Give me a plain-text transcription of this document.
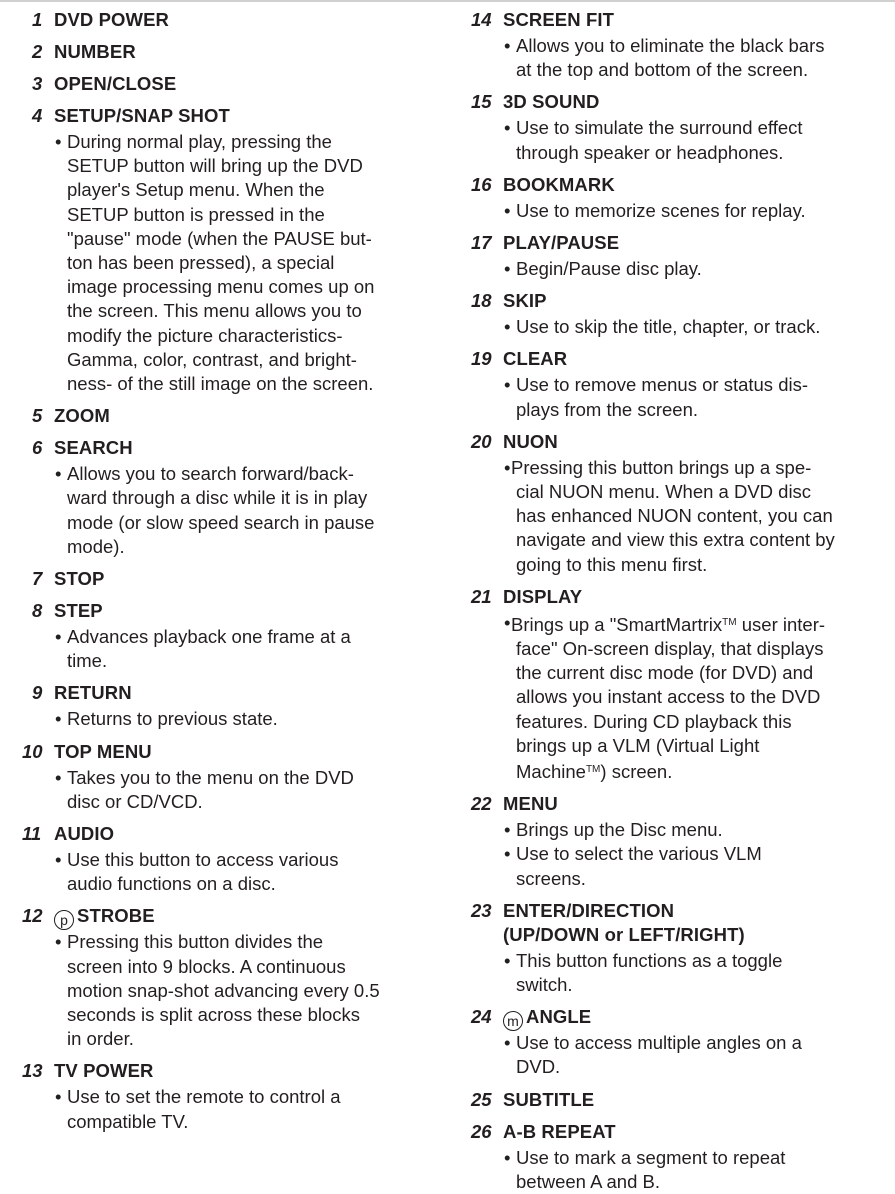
1 DVD POWER
2 NUMBER
3 OPEN/CLOSE
4 SETUP/SNAP SHOT
• During normal play, pressing the
SETUP button will bring up the DVD
player's Setup menu. When the
SETUP button is pressed in the
"pause" mode (when the PAUSE but-
ton has been pressed), a special
image processing menu comes up on
the screen. This menu allows you to
modify the picture characteristics-
Gamma, color, contrast, and bright-
ness- of the still image on the screen.
5 ZOOM
6 SEARCH
• Allows you to search forward/back-
ward through a disc while it is in play
mode (or slow speed search in pause
mode).
7 STOP
8 STEP
• Advances playback one frame at a
time.
9 RETURN
• Returns to previous state.
10 TOP MENU
• Takes you to the menu on the DVD
disc or CD/VCD.
11 AUDIO
• Use this button to access various
audio functions on a disc.
12 p STROBE
• Pressing this button divides the
screen into 9 blocks. A continuous
motion snap-shot advancing every 0.5
seconds is split across these blocks
in order.
13 TV POWER
• Use to set the remote to control a
compatible TV.
14 SCREEN FIT
• Allows you to eliminate the black bars
at the top and bottom of the screen.
15 3D SOUND
• Use to simulate the surround effect
through speaker or headphones.
16 BOOKMARK
• Use to memorize scenes for replay.
17 PLAY/PAUSE
• Begin/Pause disc play.
18 SKIP
• Use to skip the title, chapter, or track.
19 CLEAR
• Use to remove menus or status dis-
plays from the screen.
20 NUON
• Pressing this button brings up a spe-
cial NUON menu. When a DVD disc
has enhanced NUON content, you can
navigate and view this extra content by
going to this menu first.
21 DISPLAY
• Brings up a "SmartMartrix™ user inter-
face" On-screen display, that displays
the current disc mode (for DVD) and
allows you instant access to the DVD
features. During CD playback this
brings up a VLM (Virtual Light
Machine™) screen.
22 MENU
• Brings up the Disc menu.
• Use to select the various VLM
screens.
23 ENTER/DIRECTION
(UP/DOWN or LEFT/RIGHT)
• This button functions as a toggle
switch.
24 m ANGLE
• Use to access multiple angles on a
DVD.
25 SUBTITLE
26 A-B REPEAT
• Use to mark a segment to repeat
between A and B.
